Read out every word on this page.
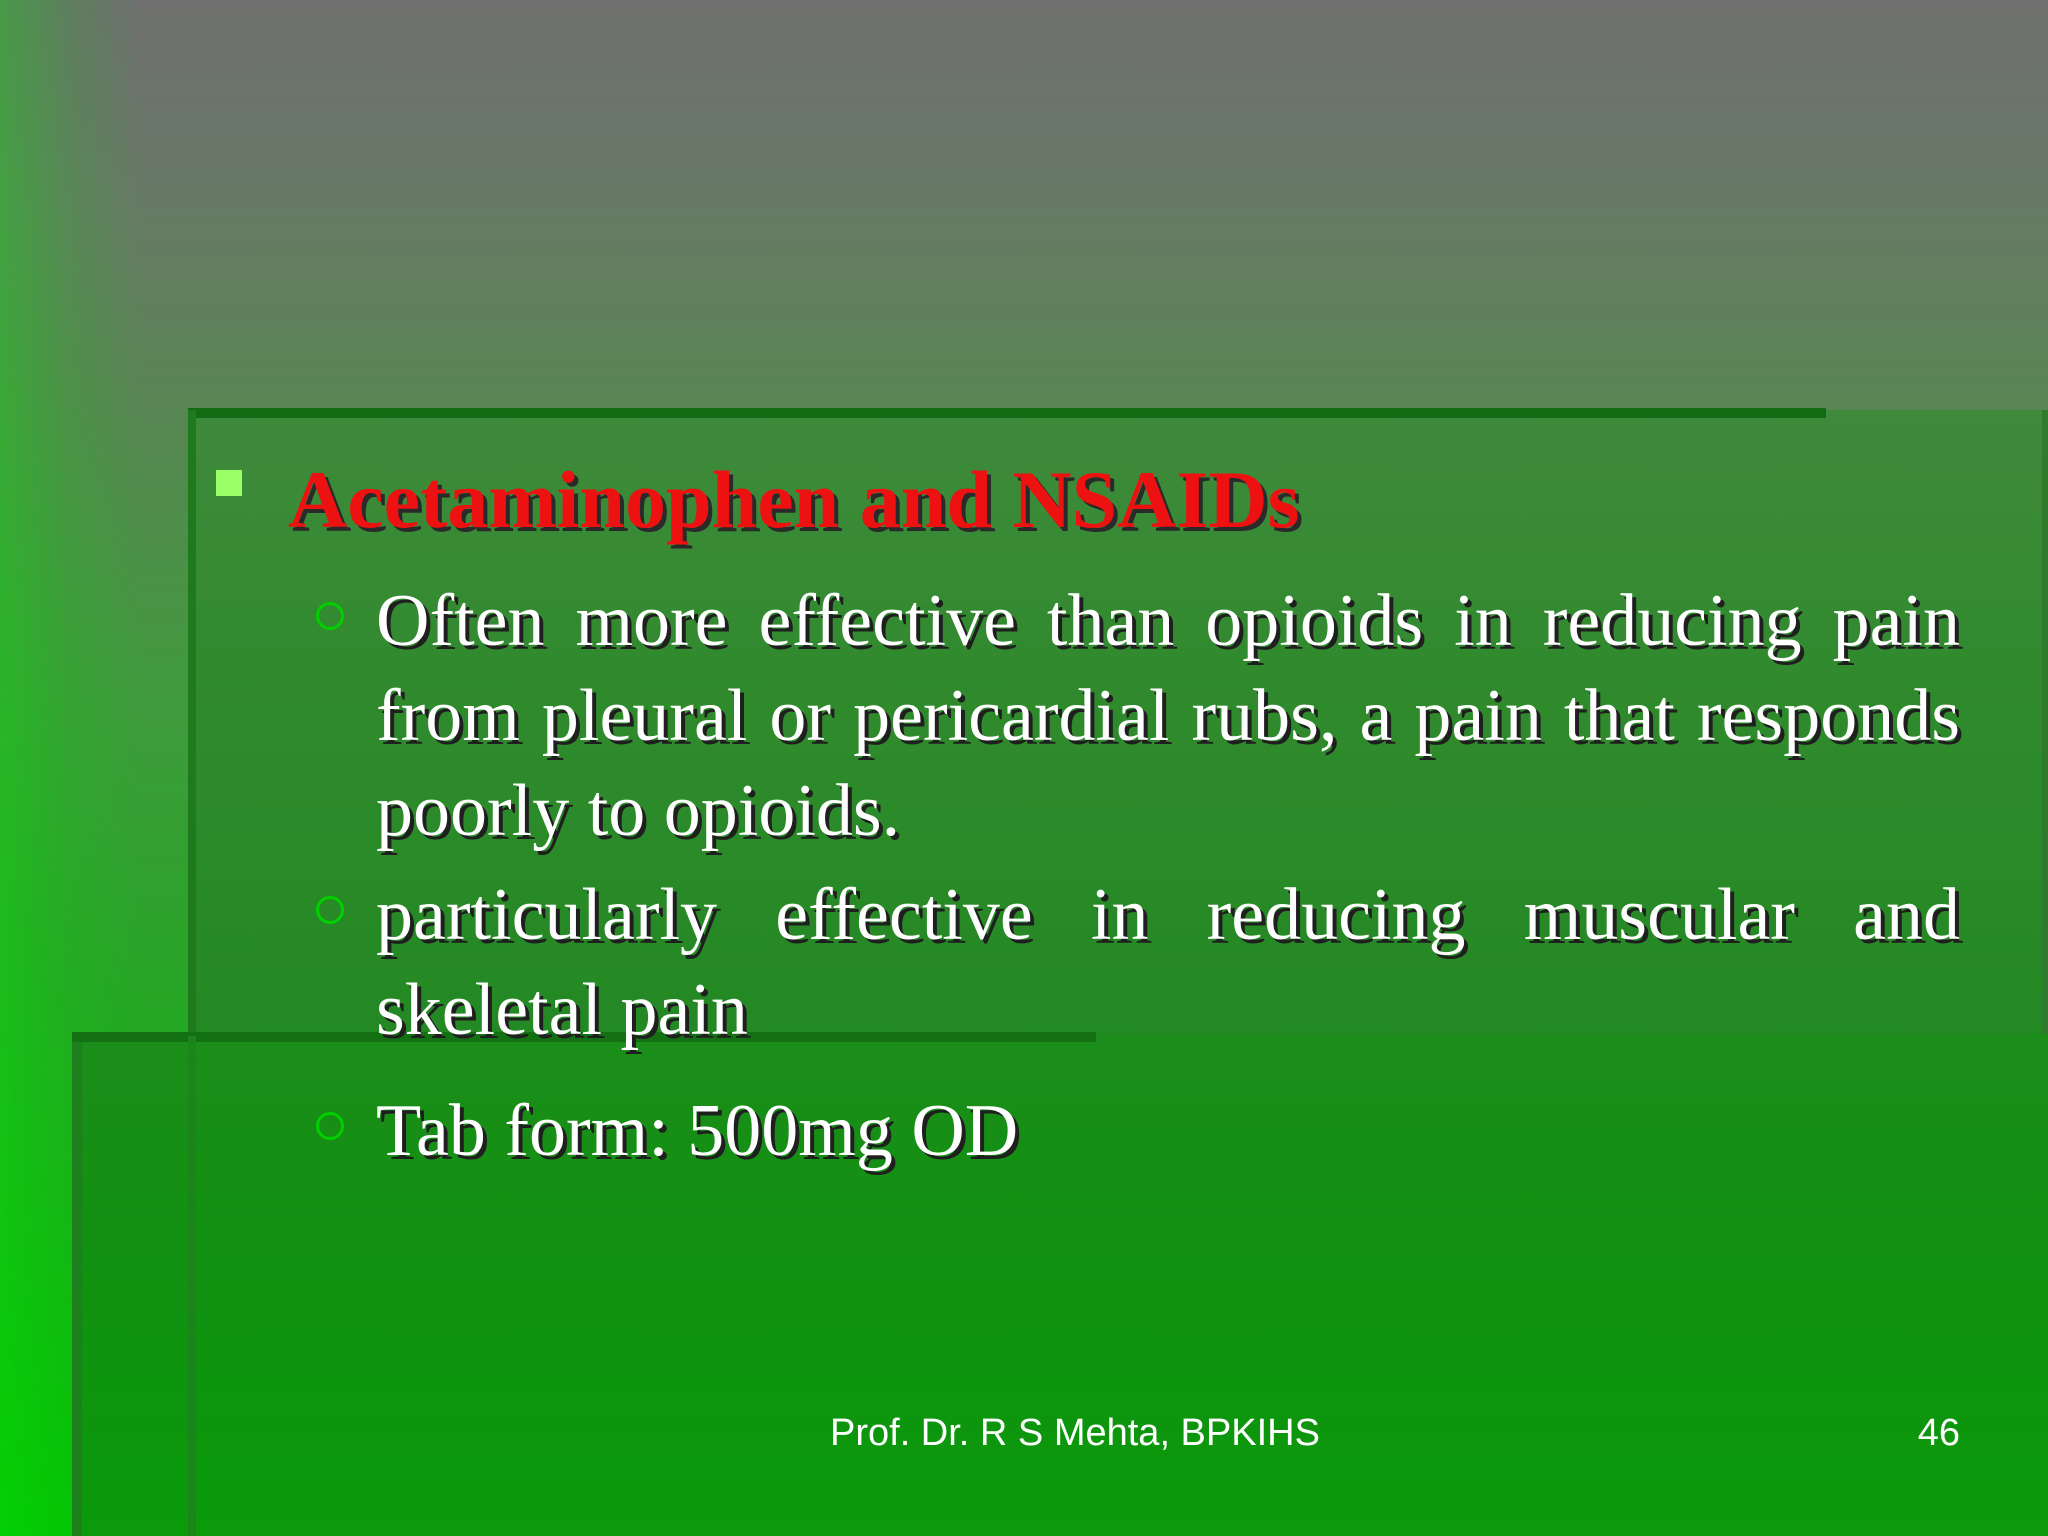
Acetaminophen and NSAIDs
Often more effective than opioids in reducing pain from pleural or pericardial rubs, a pain that responds poorly to opioids.
particularly effective in reducing muscular and skeletal pain
Tab form: 500mg OD
Prof. Dr. R S Mehta, BPKIHS	46
